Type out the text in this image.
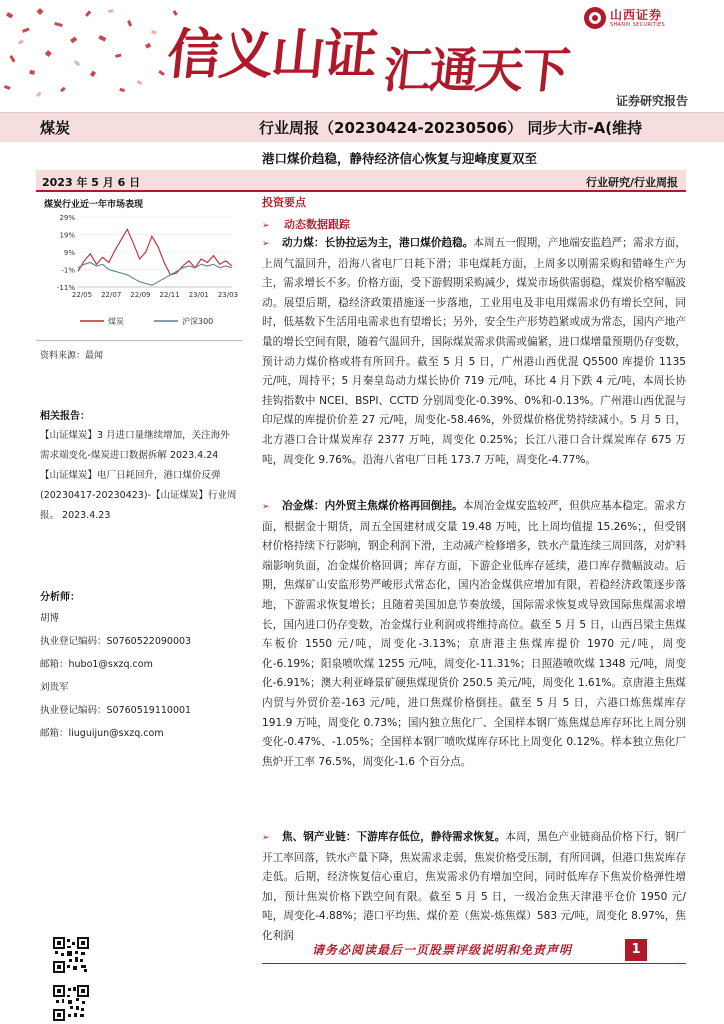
信义山证 汇通天下
山西证券
SHANXI SECURITIES
证券研究报告
煤炭	行业周报（20230424-20230506） 同步大市-A(维持
港口煤价趋稳，静待经济信心恢复与迎峰度夏双至
2023 年 5 月 6 日	行业研究/行业周报
煤炭行业近一年市场表现
29%
19%
9%
-1%
-11%
22/05 22/07 22/09 22/11 23/01 23/03
煤炭	沪深300
资料来源：最闻
相关报告：
【山证煤炭】3 月进口量继续增加，关注海外需求端变化-煤炭进口数据拆解 2023.4.24
【山证煤炭】电厂日耗回升，港口煤价反弹(20230417-20230423)-【山证煤炭】行业周报。 2023.4.23
分析师：
胡博
执业登记编码：S0760522090003
邮箱：hubo1@sxzq.com
刘贵军
执业登记编码：S0760519110001
邮箱：liuguijun@sxzq.com
投资要点
➢ 动态数据跟踪
➢ 动力煤：长协拉运为主，港口煤价趋稳。本周五一假期，产地端安监趋严；需求方面，上周气温回升，沿海八省电厂日耗下滑；非电煤耗方面，上周多以刚需采购和错峰生产为主，需求增长不多。价格方面，受下游假期采购减少，煤炭市场供需弱稳，煤炭价格窄幅波动。展望后期，稳经济政策措施逐一步落地，工业用电及非电用煤需求仍有增长空间，同时，低基数下生活用电需求也有望增长；另外，安全生产形势趋紧或成为常态，国内产地产量的增长空间有限，随着气温回升，国际煤炭需求供需或偏紧，进口煤增量预期仍存变数，预计动力煤价格或将有所回升。截至 5 月 5 日，广州港山西优混 Q5500 库提价 1135 元/吨，周持平；5 月秦皇岛动力煤长协价 719 元/吨，环比 4 月下跌 4 元/吨，本周长协挂钩指数中 NCEI、BSPI、CCTD 分别周变化-0.39%、0%和-0.13%。广州港山西优混与印尼煤的库提价价差 27 元/吨，周变化-58.46%，外贸煤价格优势持续减小。5 月 5 日，北方港口合计煤炭库存 2377 万吨，周变化 0.25%；长江八港口合计煤炭库存 675 万吨，周变化 9.76%。沿海八省电厂日耗 173.7 万吨，周变化-4.77%。
➢ 冶金煤：内外贸主焦煤价格再回倒挂。本周冶金煤安监较严，但供应基本稳定。需求方面，根据金十期货，周五全国建材成交量 19.48 万吨，比上周均值提 15.26%；，但受钢材价格持续下行影响，钢企利润下滑，主动减产检修增多，铁水产量连续三周回落，对炉料端影响负面，冶金煤价格回调；库存方面，下游企业低库存延续，港口库存微幅波动。后期，焦煤矿山安监形势严峻形式常态化，国内冶金煤供应增加有限，若稳经济政策逐步落地，下游需求恢复增长；且随着美国加息节奏放缓，国际需求恢复或导致国际焦煤需求增长，国内进口仍存变数，冶金煤行业利润或将维持高位。截至 5 月 5 日，山西吕梁主焦煤车板价 1550 元/吨，周变化-3.13%；京唐港主焦煤库提价 1970 元/吨，周变化-6.19%；阳泉喷吹煤 1255 元/吨，周变化-11.31%；日照港喷吹煤 1348 元/吨，周变化-6.91%；澳大利亚峰景矿硬焦煤现货价 250.5 美元/吨，周变化 1.61%。京唐港主焦煤内贸与外贸价差-163 元/吨，进口焦煤价格倒挂。截至 5 月 5 日，六港口炼焦煤库存 191.9 万吨，周变化 0.73%；国内独立焦化厂、全国样本钢厂炼焦煤总库存环比上周分别变化-0.47%、-1.05%；全国样本钢厂喷吹煤库存环比上周变化 0.12%。样本独立焦化厂焦炉开工率 76.5%，周变化-1.6 个百分点。
➢ 焦、钢产业链：下游库存低位，静待需求恢复。本周，黑色产业链商品价格下行，钢厂开工率回落，铁水产量下降，焦炭需求走弱，焦炭价格受压制，有所回调，但港口焦炭库存走低。后期，经济恢复信心重启，焦炭需求仍有增加空间，同时低库存下焦炭价格弹性增加，预计焦炭价格下跌空间有限。截至 5 月 5 日，一级冶金焦天津港平仓价 1950 元/吨，周变化-4.88%；港口平均焦、煤价差（焦炭-炼焦煤）583 元/吨，周变化 8.97%，焦化利润
请务必阅读最后一页股票评级说明和免责声明	1
